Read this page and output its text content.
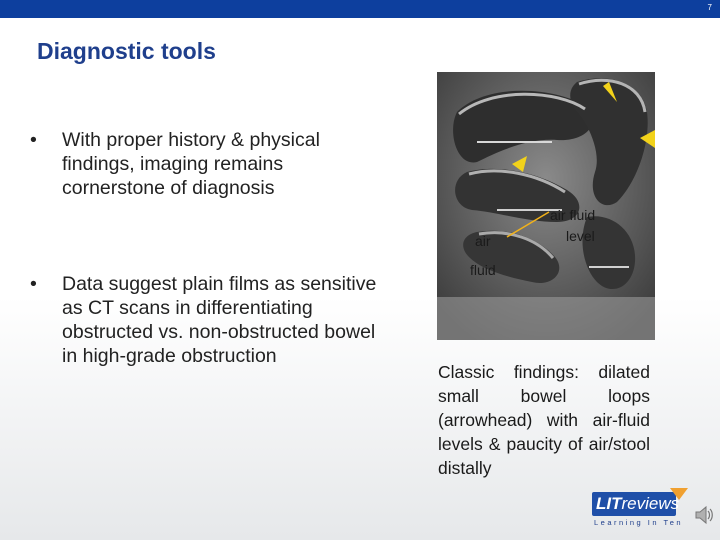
7
Diagnostic tools
• With proper history & physical findings, imaging remains cornerstone of diagnosis
• Data suggest plain films as sensitive as CT scans in differentiating obstructed vs. non-obstructed bowel in high-grade obstruction
air
fluid
air fluid
level
Classic findings: dilated small bowel loops (arrowhead) with air-fluid levels & paucity of air/stool distally
LITreviews
Learning In Ten
